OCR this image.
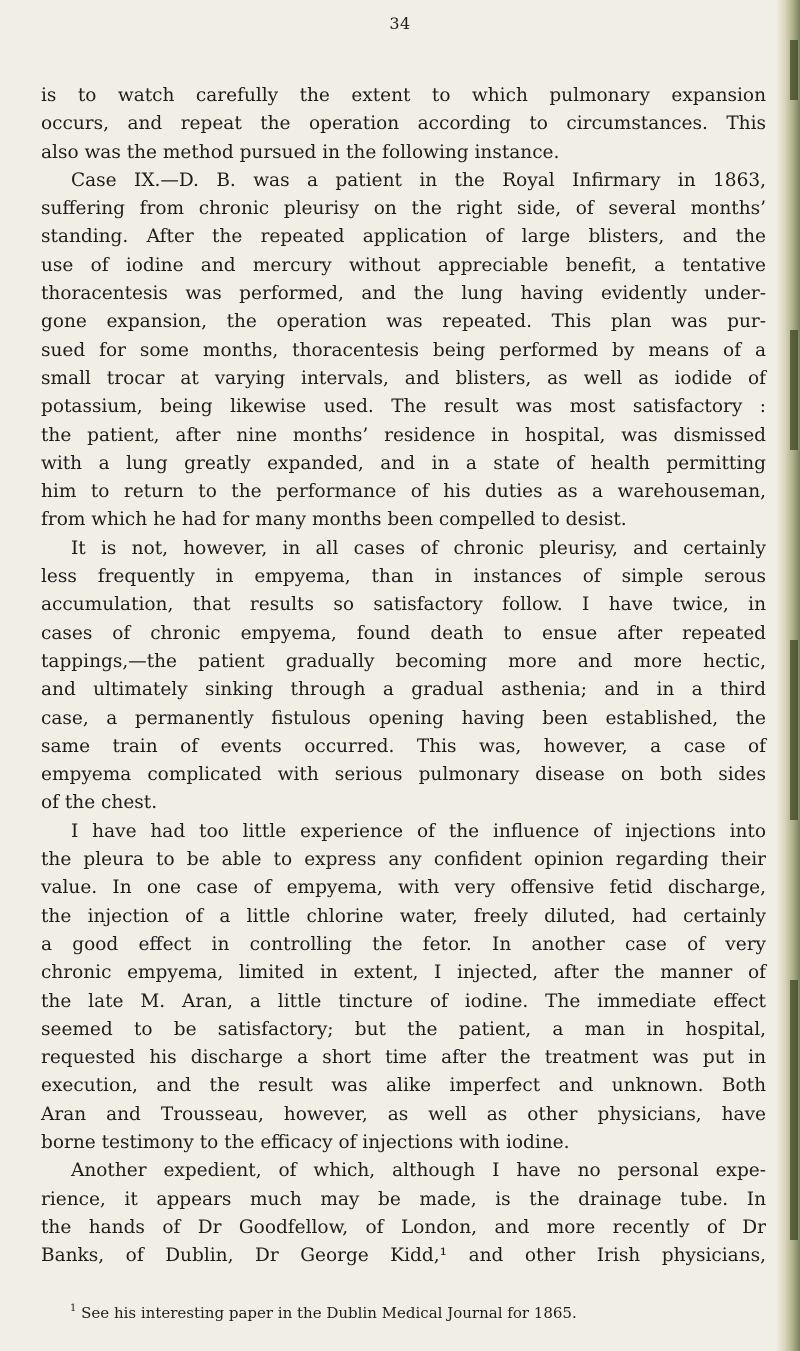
34
is to watch carefully the extent to which pulmonary expansion
occurs, and repeat the operation according to circumstances. This
also was the method pursued in the following instance.
Case IX.—D. B. was a patient in the Royal Infirmary in 1863,
suffering from chronic pleurisy on the right side, of several months’
standing. After the repeated application of large blisters, and the
use of iodine and mercury without appreciable benefit, a tentative
thoracentesis was performed, and the lung having evidently under-
gone expansion, the operation was repeated. This plan was pur-
sued for some months, thoracentesis being performed by means of a
small trocar at varying intervals, and blisters, as well as iodide of
potassium, being likewise used. The result was most satisfactory :
the patient, after nine months’ residence in hospital, was dismissed
with a lung greatly expanded, and in a state of health permitting
him to return to the performance of his duties as a warehouseman,
from which he had for many months been compelled to desist.
It is not, however, in all cases of chronic pleurisy, and certainly
less frequently in empyema, than in instances of simple serous
accumulation, that results so satisfactory follow. I have twice, in
cases of chronic empyema, found death to ensue after repeated
tappings,—the patient gradually becoming more and more hectic,
and ultimately sinking through a gradual asthenia; and in a third
case, a permanently fistulous opening having been established, the
same train of events occurred. This was, however, a case of
empyema complicated with serious pulmonary disease on both sides
of the chest.
I have had too little experience of the influence of injections into
the pleura to be able to express any confident opinion regarding their
value. In one case of empyema, with very offensive fetid discharge,
the injection of a little chlorine water, freely diluted, had certainly
a good effect in controlling the fetor. In another case of very
chronic empyema, limited in extent, I injected, after the manner of
the late M. Aran, a little tincture of iodine. The immediate effect
seemed to be satisfactory; but the patient, a man in hospital,
requested his discharge a short time after the treatment was put in
execution, and the result was alike imperfect and unknown. Both
Aran and Trousseau, however, as well as other physicians, have
borne testimony to the efficacy of injections with iodine.
Another expedient, of which, although I have no personal expe-
rience, it appears much may be made, is the drainage tube. In
the hands of Dr Goodfellow, of London, and more recently of Dr
Banks, of Dublin, Dr George Kidd,¹ and other Irish physicians,
$^1$ See his interesting paper in the Dublin Medical Journal for 1865.
